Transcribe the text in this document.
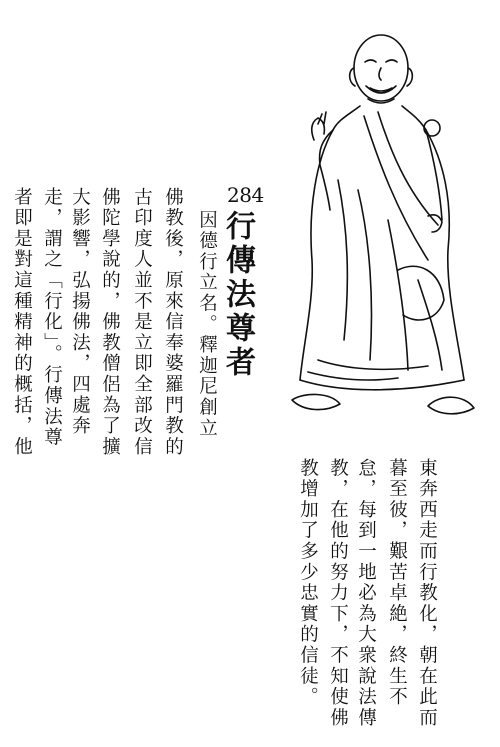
284
行傳法尊者
因德行立名。釋迦尼創立
佛教後，原來信奉婆羅門教的
古印度人並不是立即全部改信
佛陀學說的，佛教僧侶為了擴
大影響，弘揚佛法，四處奔
走，謂之「行化」。行傳法尊
者即是對這種精神的概括，他
東奔西走而行教化，朝在此而
暮至彼，艱苦卓絶，終生不
怠，每到一地必為大衆說法傳
教，在他的努力下，不知使佛
教增加了多少忠實的信徒。
